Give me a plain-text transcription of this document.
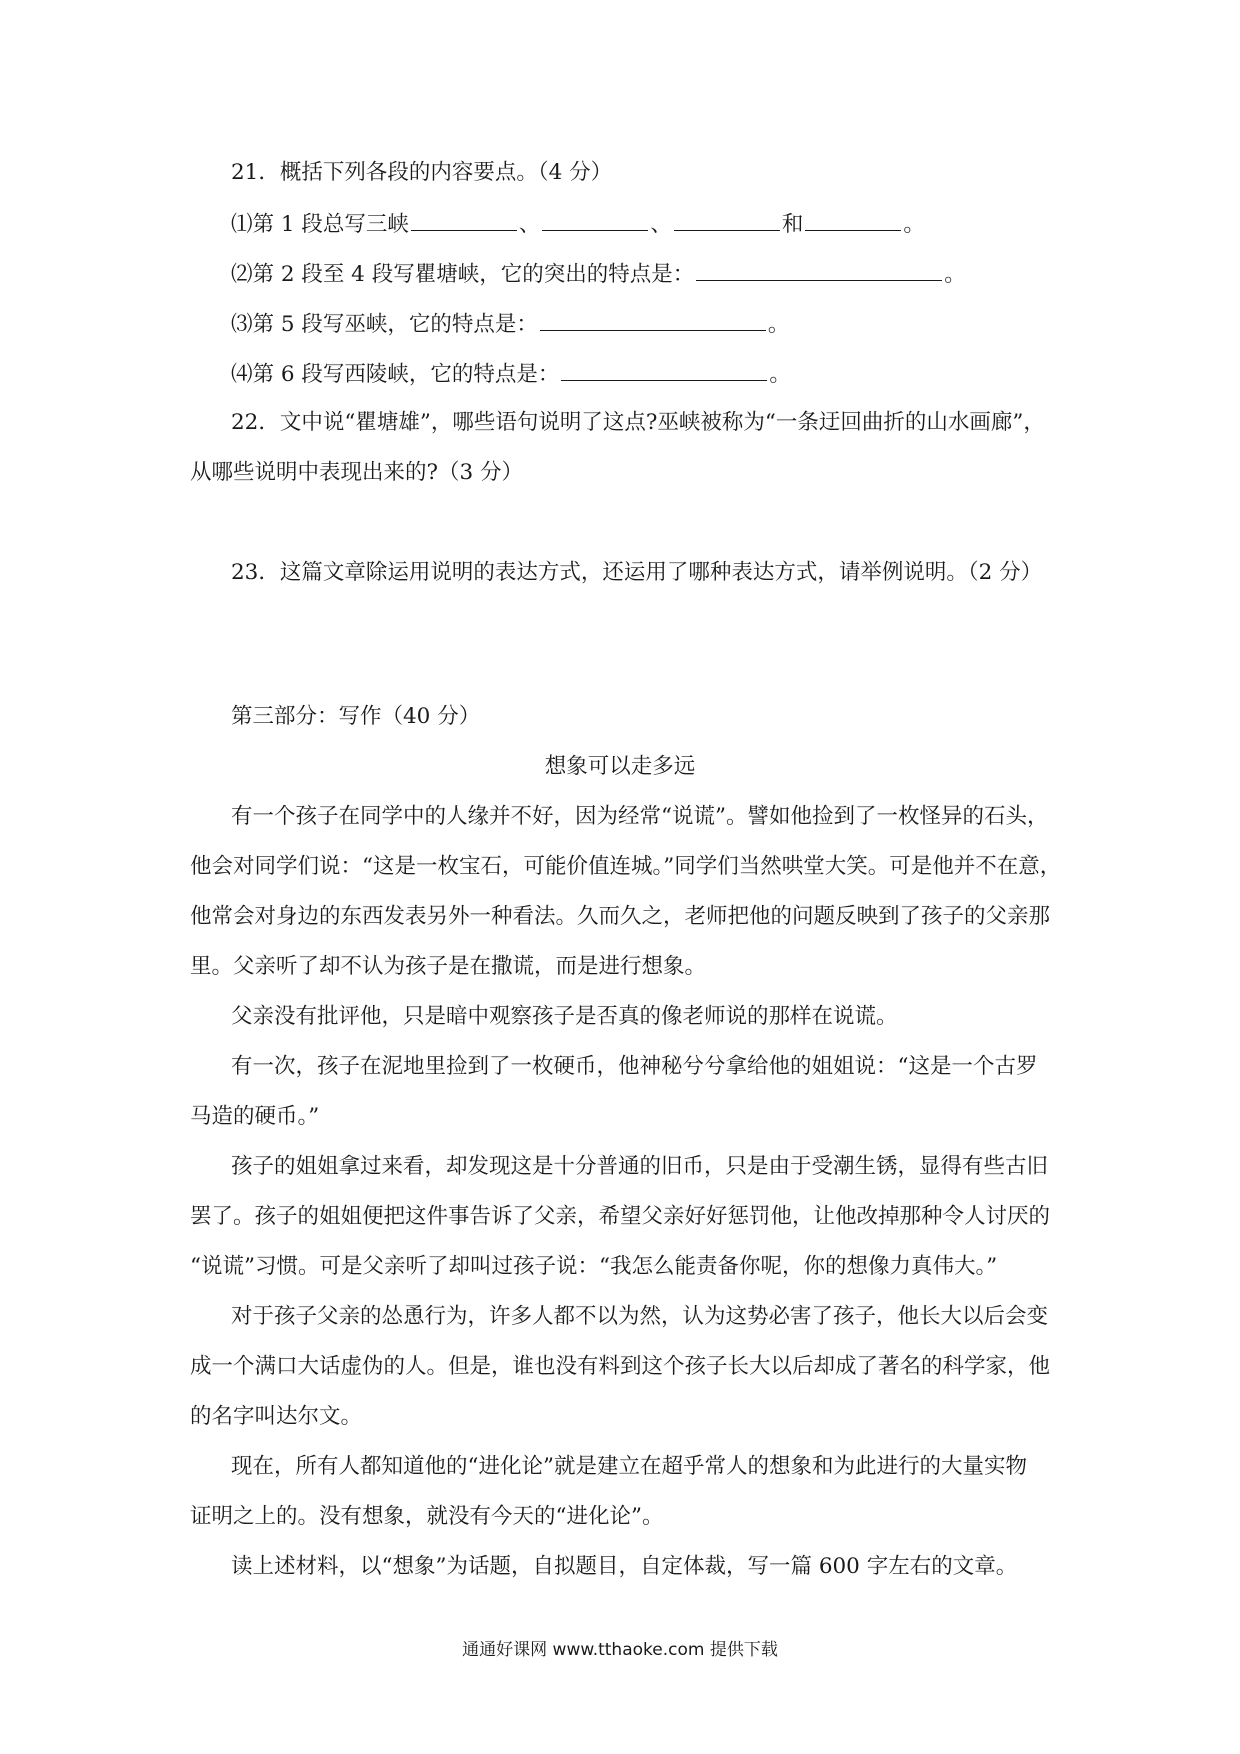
21．概括下列各段的内容要点。（4 分）
⑴第 1 段总写三峡	、	、	和	。
⑵第 2 段至 4 段写瞿塘峡，它的突出的特点是：	。
⑶第 5 段写巫峡，它的特点是：	。
⑷第 6 段写西陵峡，它的特点是：	。
22．文中说“瞿塘雄”，哪些语句说明了这点?巫峡被称为“一条迂回曲折的山水画廊”，
从哪些说明中表现出来的?（3 分）
23．这篇文章除运用说明的表达方式，还运用了哪种表达方式，请举例说明。（2 分）
第三部分：写作（40 分）
想象可以走多远
有一个孩子在同学中的人缘并不好，因为经常“说谎”。譬如他捡到了一枚怪异的石头，
他会对同学们说：“这是一枚宝石，可能价值连城。”同学们当然哄堂大笑。可是他并不在意，
他常会对身边的东西发表另外一种看法。久而久之，老师把他的问题反映到了孩子的父亲那
里。父亲听了却不认为孩子是在撒谎，而是进行想象。
父亲没有批评他，只是暗中观察孩子是否真的像老师说的那样在说谎。
有一次，孩子在泥地里捡到了一枚硬币，他神秘兮兮拿给他的姐姐说：“这是一个古罗
马造的硬币。”
孩子的姐姐拿过来看，却发现这是十分普通的旧币，只是由于受潮生锈，显得有些古旧
罢了。孩子的姐姐便把这件事告诉了父亲，希望父亲好好惩罚他，让他改掉那种令人讨厌的
“说谎”习惯。可是父亲听了却叫过孩子说：“我怎么能责备你呢，你的想像力真伟大。”
对于孩子父亲的怂恿行为，许多人都不以为然，认为这势必害了孩子，他长大以后会变
成一个满口大话虚伪的人。但是，谁也没有料到这个孩子长大以后却成了著名的科学家，他
的名字叫达尔文。
现在，所有人都知道他的“进化论”就是建立在超乎常人的想象和为此进行的大量实物
证明之上的。没有想象，就没有今天的“进化论”。
读上述材料，以“想象”为话题，自拟题目，自定体裁，写一篇 600 字左右的文章。
通通好课网 www.tthaoke.com 提供下载
